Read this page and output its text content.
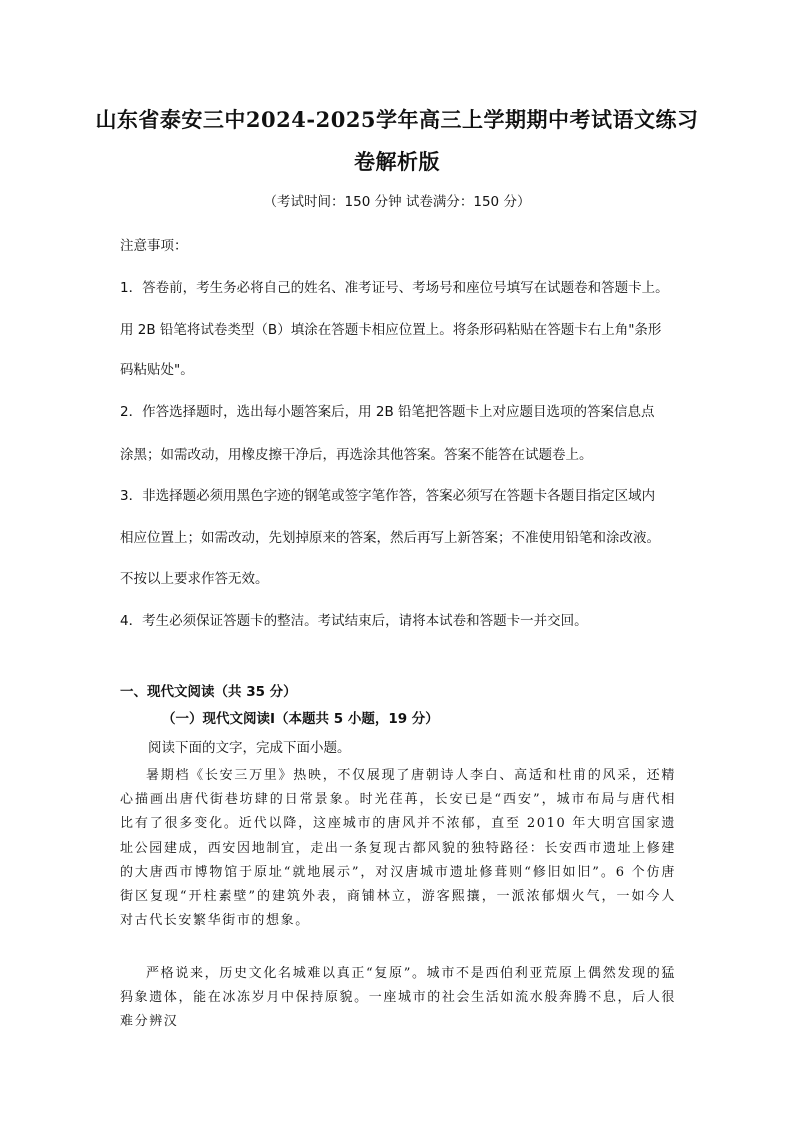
山东省泰安三中2024-2025学年高三上学期期中考试语文练习
卷解析版
（考试时间：150 分钟 试卷满分：150 分）
注意事项：
1．答卷前，考生务必将自己的姓名、准考证号、考场号和座位号填写在试题卷和答题卡上。
用 2B 铅笔将试卷类型（B）填涂在答题卡相应位置上。将条形码粘贴在答题卡右上角"条形
码粘贴处"。
2．作答选择题时，选出每小题答案后，用 2B 铅笔把答题卡上对应题目选项的答案信息点
涂黑；如需改动，用橡皮擦干净后，再选涂其他答案。答案不能答在试题卷上。
3．非选择题必须用黑色字迹的钢笔或签字笔作答，答案必须写在答题卡各题目指定区域内
相应位置上；如需改动，先划掉原来的答案，然后再写上新答案；不准使用铅笔和涂改液。
不按以上要求作答无效。
4．考生必须保证答题卡的整洁。考试结束后，请将本试卷和答题卡一并交回。
一、现代文阅读（共 35 分）
（一）现代文阅读Ⅰ（本题共 5 小题，19 分）
阅读下面的文字，完成下面小题。
暑期档《长安三万里》热映，不仅展现了唐朝诗人李白、高适和杜甫的风采，还精心描画出唐代街巷坊肆的日常景象。时光荏苒，长安已是“西安”，城市布局与唐代相比有了很多变化。近代以降，这座城市的唐风并不浓郁，直至 2010 年大明宫国家遗址公园建成，西安因地制宜，走出一条复现古都风貌的独特路径：长安西市遗址上修建的大唐西市博物馆于原址“就地展示”，对汉唐城市遗址修葺则“修旧如旧”。6 个仿唐街区复现“开柱素壁”的建筑外表，商铺林立，游客熙攘，一派浓郁烟火气，一如今人对古代长安繁华街市的想象。
严格说来，历史文化名城难以真正“复原”。城市不是西伯利亚荒原上偶然发现的猛犸象遗体，能在冰冻岁月中保持原貌。一座城市的社会生活如流水般奔腾不息，后人很难分辨汉
